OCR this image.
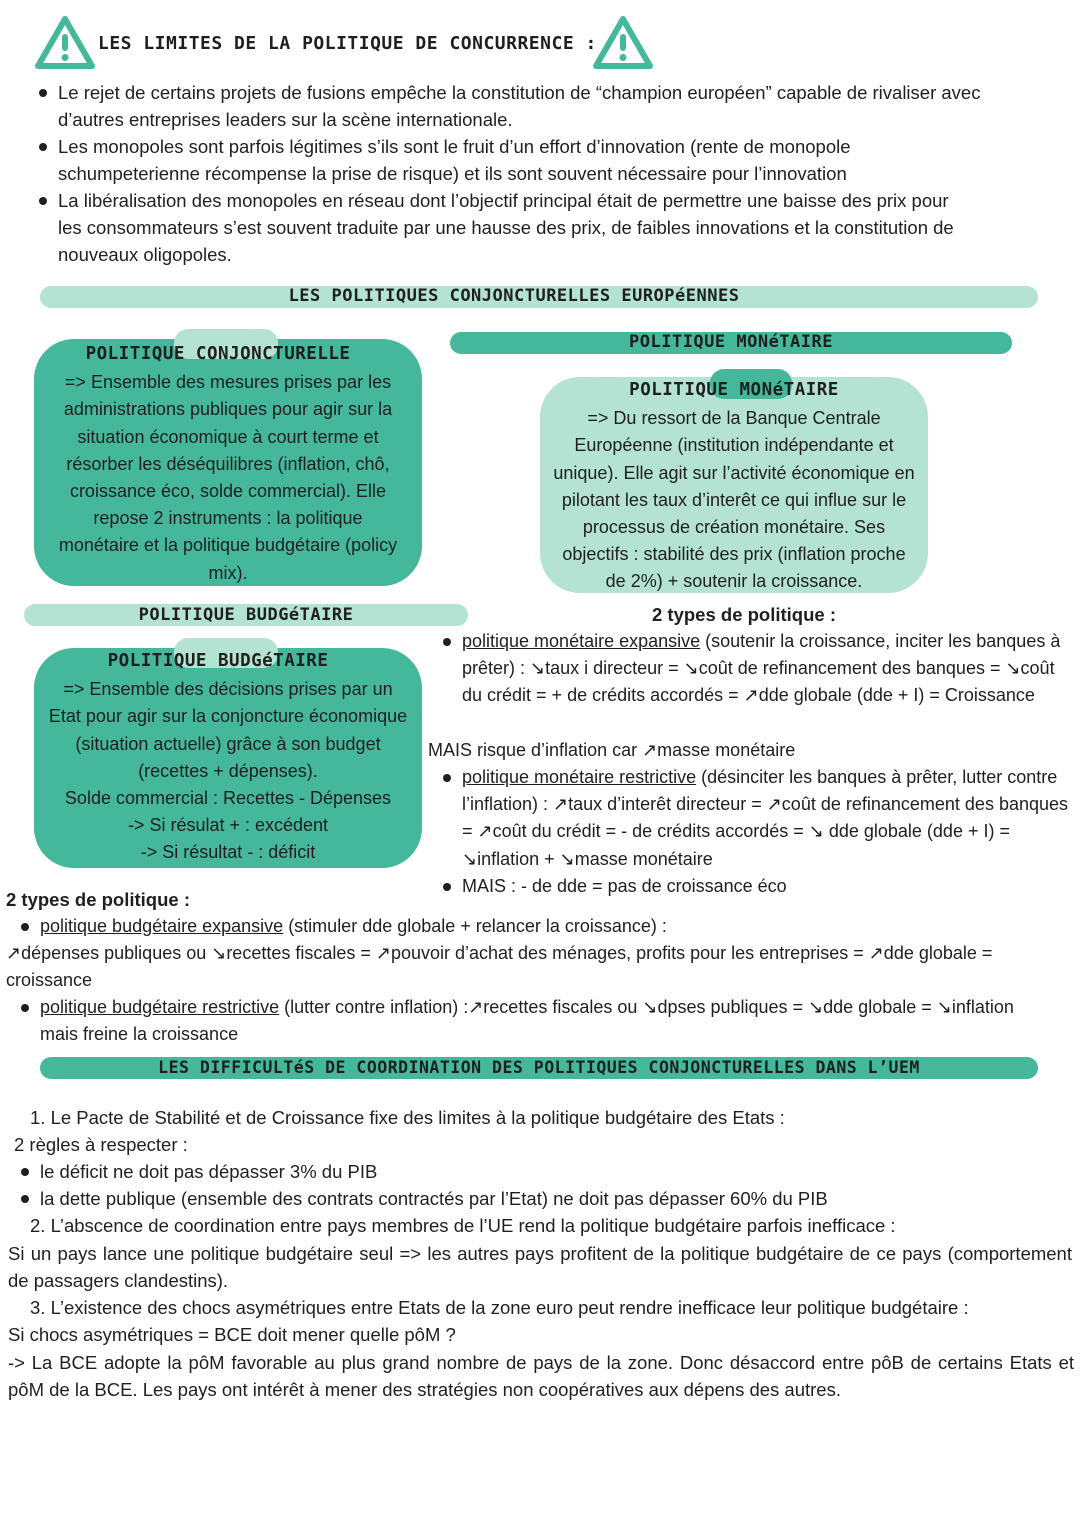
LES LIMITES DE LA POLITIQUE DE CONCURRENCE :
Le rejet de certains projets de fusions empêche la constitution de “champion européen” capable de rivaliser avec d’autres entreprises leaders sur la scène internationale.
Les monopoles sont parfois légitimes s’ils sont le fruit d’un effort d’innovation (rente de monopole schumpeterienne récompense la prise de risque) et ils sont souvent nécessaire pour l’innovation
La libéralisation des monopoles en réseau dont l’objectif principal était de permettre une baisse des prix pour les consommateurs s’est souvent traduite par une hausse des prix, de faibles innovations et la constitution de nouveaux oligopoles.
LES POLITIQUES CONJONCTURELLES EUROPéENNES
POLITIQUE CONJONCTURELLE
=> Ensemble des mesures prises par les administrations publiques pour agir sur la situation économique à court terme et résorber les déséquilibres (inflation, chô, croissance éco, solde commercial). Elle repose 2 instruments : la politique monétaire et la politique budgétaire (policy mix).
POLITIQUE MONéTAIRE
POLITIQUE MONéTAIRE
=> Du ressort de la Banque Centrale Européenne (institution indépendante et unique). Elle agit sur l’activité économique en pilotant les taux d’interêt ce qui influe sur le processus de création monétaire. Ses objectifs : stabilité des prix (inflation proche de 2%) + soutenir la croissance.
POLITIQUE BUDGéTAIRE
POLITIQUE BUDGéTAIRE
=> Ensemble des décisions prises par un Etat pour agir sur la conjoncture économique (situation actuelle) grâce à son budget (recettes + dépenses).
Solde commercial : Recettes - Dépenses
-> Si résulat + : excédent
-> Si résultat - : déficit
2 types de politique :
politique monétaire expansive (soutenir la croissance, inciter les banques à prêter) : ↘taux i directeur = ↘coût de refinancement des banques = ↘coût du crédit = + de crédits accordés = ↗dde globale (dde + I) = Croissance
MAIS risque d’inflation car ↗masse monétaire
politique monétaire restrictive (désinciter les banques à prêter, lutter contre l’inflation) : ↗taux d’interêt directeur = ↗coût de refinancement des banques = ↗coût du crédit = - de crédits accordés = ↘ dde globale (dde + I) = ↘inflation + ↘masse monétaire
MAIS : - de dde = pas de croissance éco
2 types de politique :
politique budgétaire expansive (stimuler dde globale + relancer la croissance) :
↗dépenses publiques ou ↘recettes fiscales = ↗pouvoir d’achat des ménages, profits pour les entreprises = ↗dde globale = croissance
politique budgétaire restrictive (lutter contre inflation) :↗recettes fiscales ou ↘dpses publiques = ↘dde globale = ↘inflation mais freine la croissance
LES DIFFICULTéS DE COORDINATION DES POLITIQUES CONJONCTURELLES DANS L’UEM
1. Le Pacte de Stabilité et de Croissance fixe des limites à la politique budgétaire des Etats :
2 règles à respecter :
le déficit ne doit pas dépasser 3% du PIB
la dette publique (ensemble des contrats contractés par l’Etat) ne doit pas dépasser 60% du PIB
2. L’abscence de coordination entre pays membres de l’UE rend la politique budgétaire parfois inefficace :
Si un pays lance une politique budgétaire seul => les autres pays profitent de la politique budgétaire de ce pays (comportement de passagers clandestins).
3. L’existence des chocs asymétriques entre Etats de la zone euro peut rendre inefficace leur politique budgétaire :
Si chocs asymétriques = BCE doit mener quelle pôM ?
-> La BCE adopte la pôM favorable au plus grand nombre de pays de la zone. Donc désaccord entre pôB de certains Etats et pôM de la BCE. Les pays ont intérêt à mener des stratégies non coopératives aux dépens des autres.
